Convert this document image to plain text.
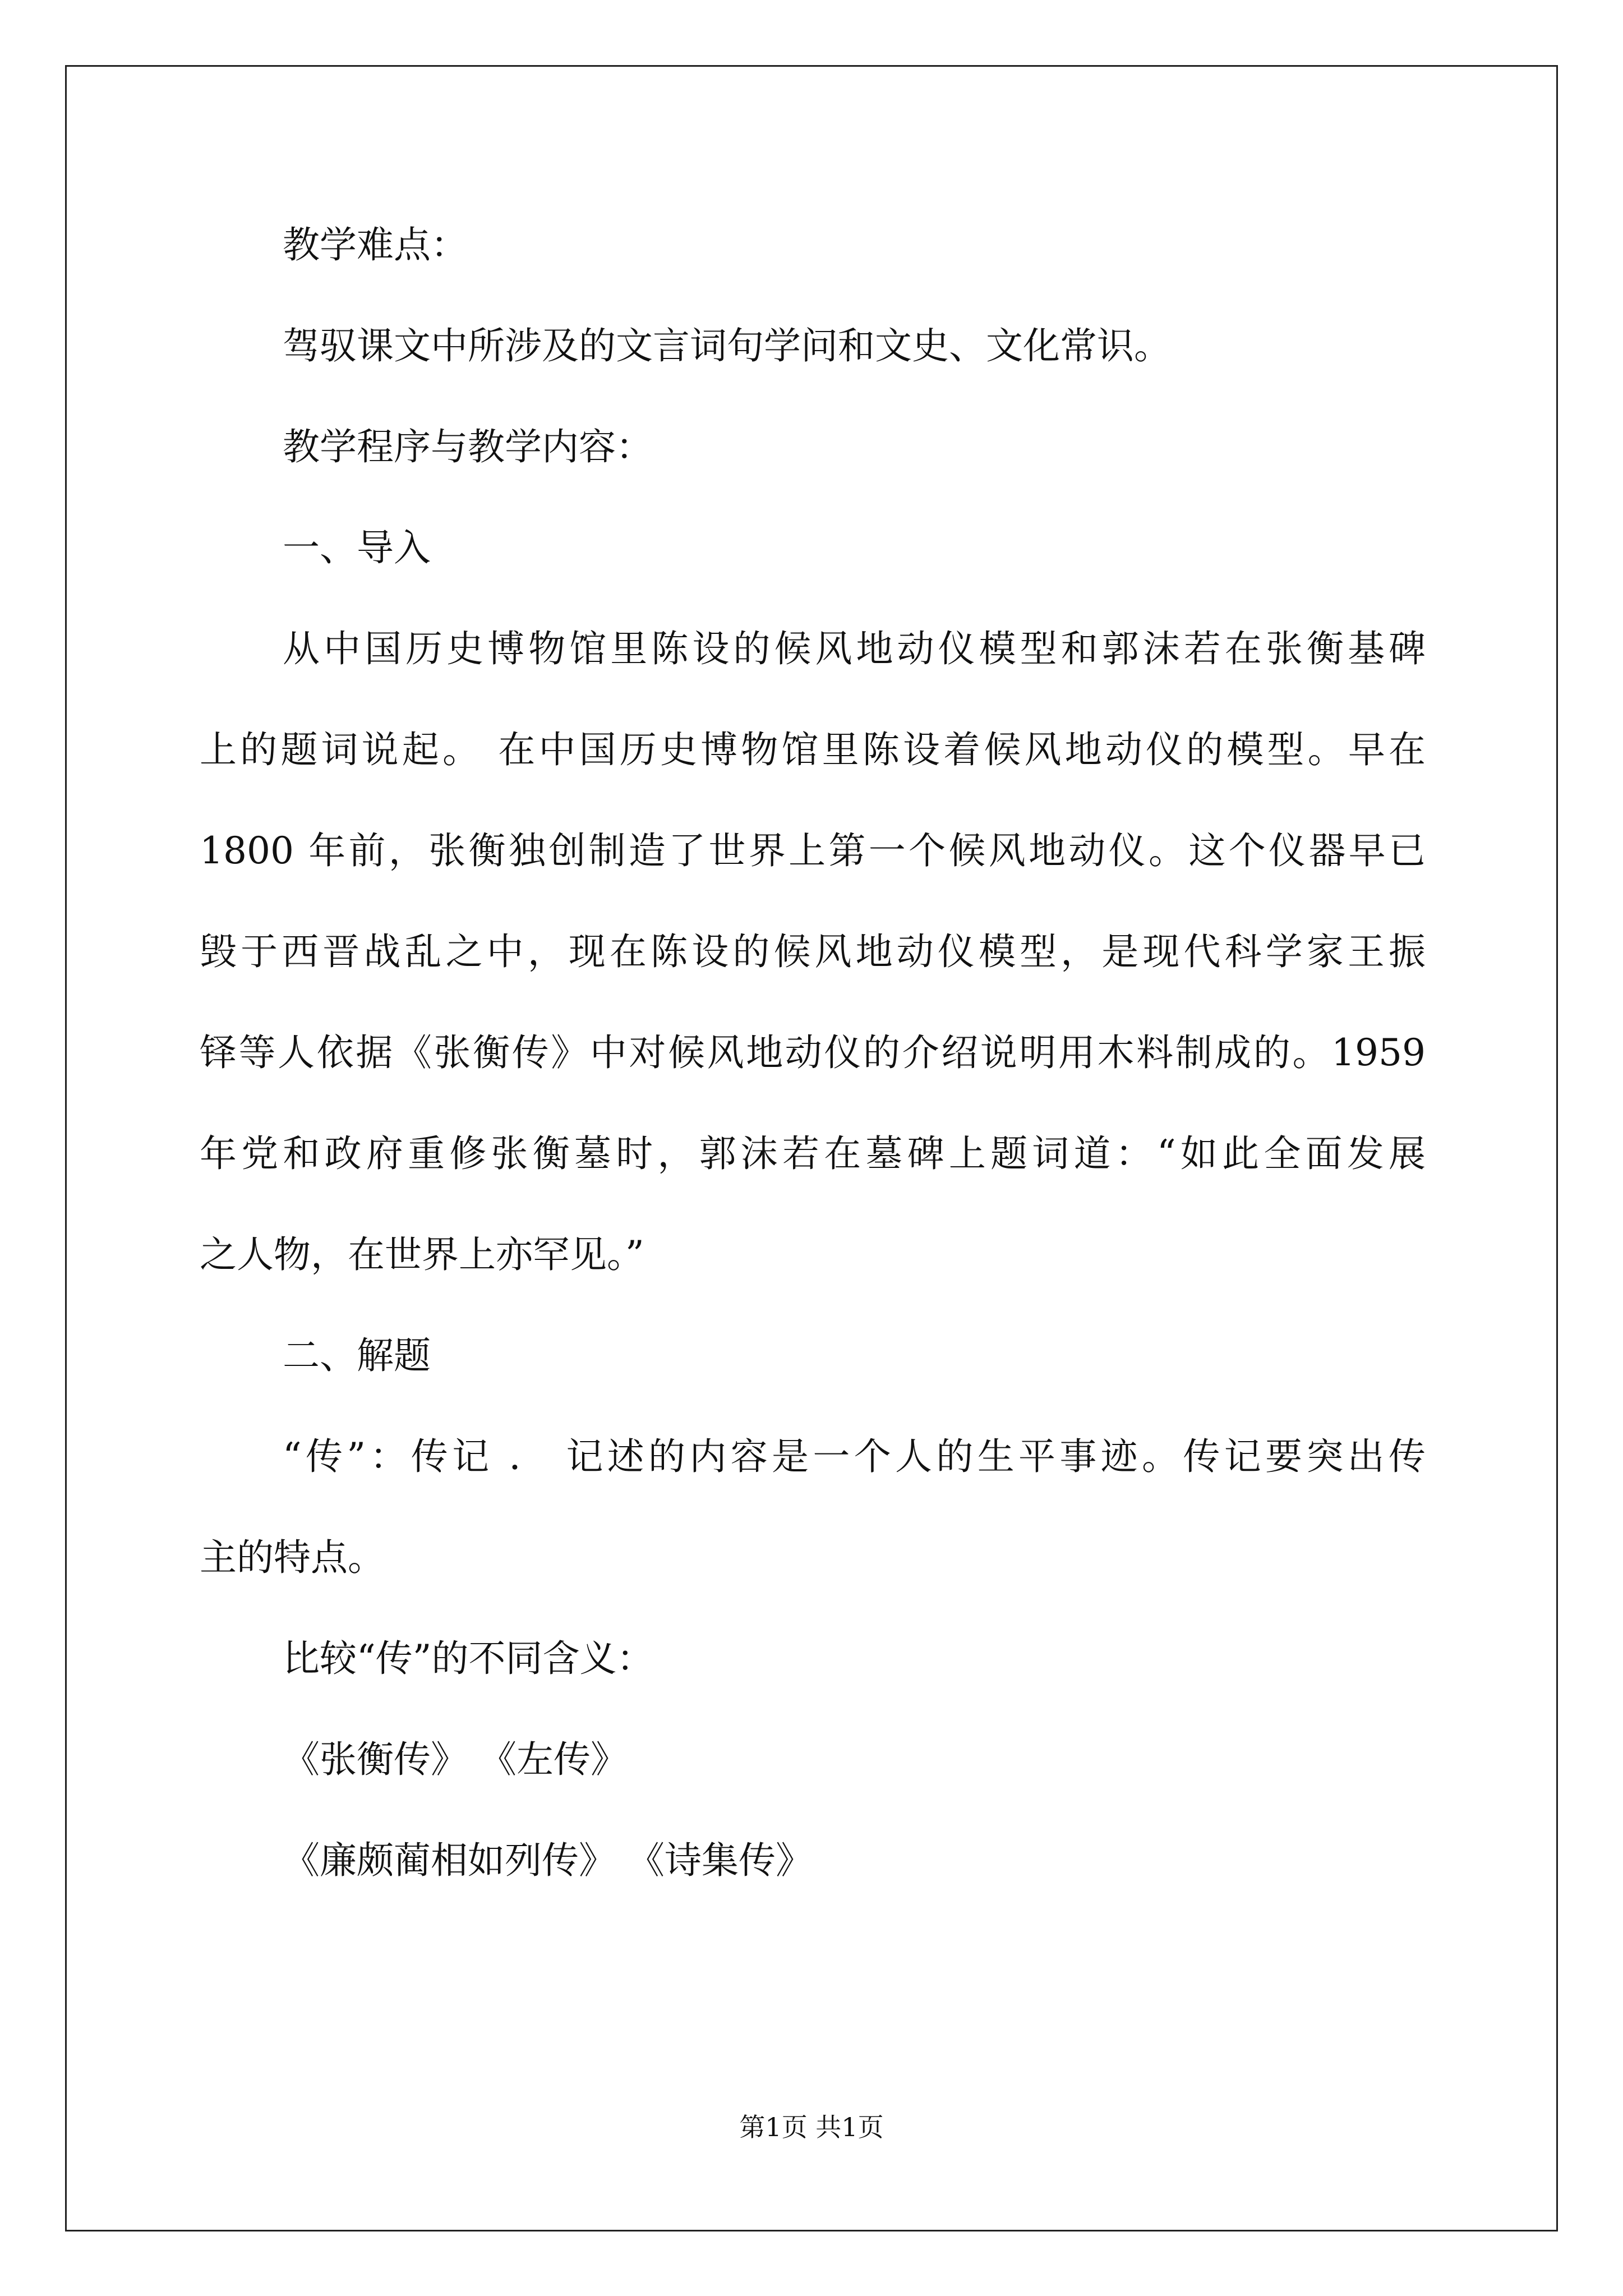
教学难点：
驾驭课文中所涉及的文言词句学问和文史、文化常识。
教学程序与教学内容：
一、导入
从中国历史博物馆里陈设的候风地动仪模型和郭沫若在张衡基碑
上的题词说起。 在中国历史博物馆里陈设着候风地动仪的模型。早在
1800 年前，张衡独创制造了世界上第一个候风地动仪。这个仪器早已
毁于西晋战乱之中，现在陈设的候风地动仪模型，是现代科学家王振
铎等人依据《张衡传》中对候风地动仪的介绍说明用木料制成的。1959
年党和政府重修张衡墓时，郭沫若在墓碑上题词道：“如此全面发展
之人物，在世界上亦罕见。”
二、解题
“传”：传记 ． 记述的内容是一个人的生平事迹。传记要突出传
主的特点。
比较“传”的不同含义：
《张衡传》 《左传》
《廉颇蔺相如列传》 《诗集传》
第1页 共1页
